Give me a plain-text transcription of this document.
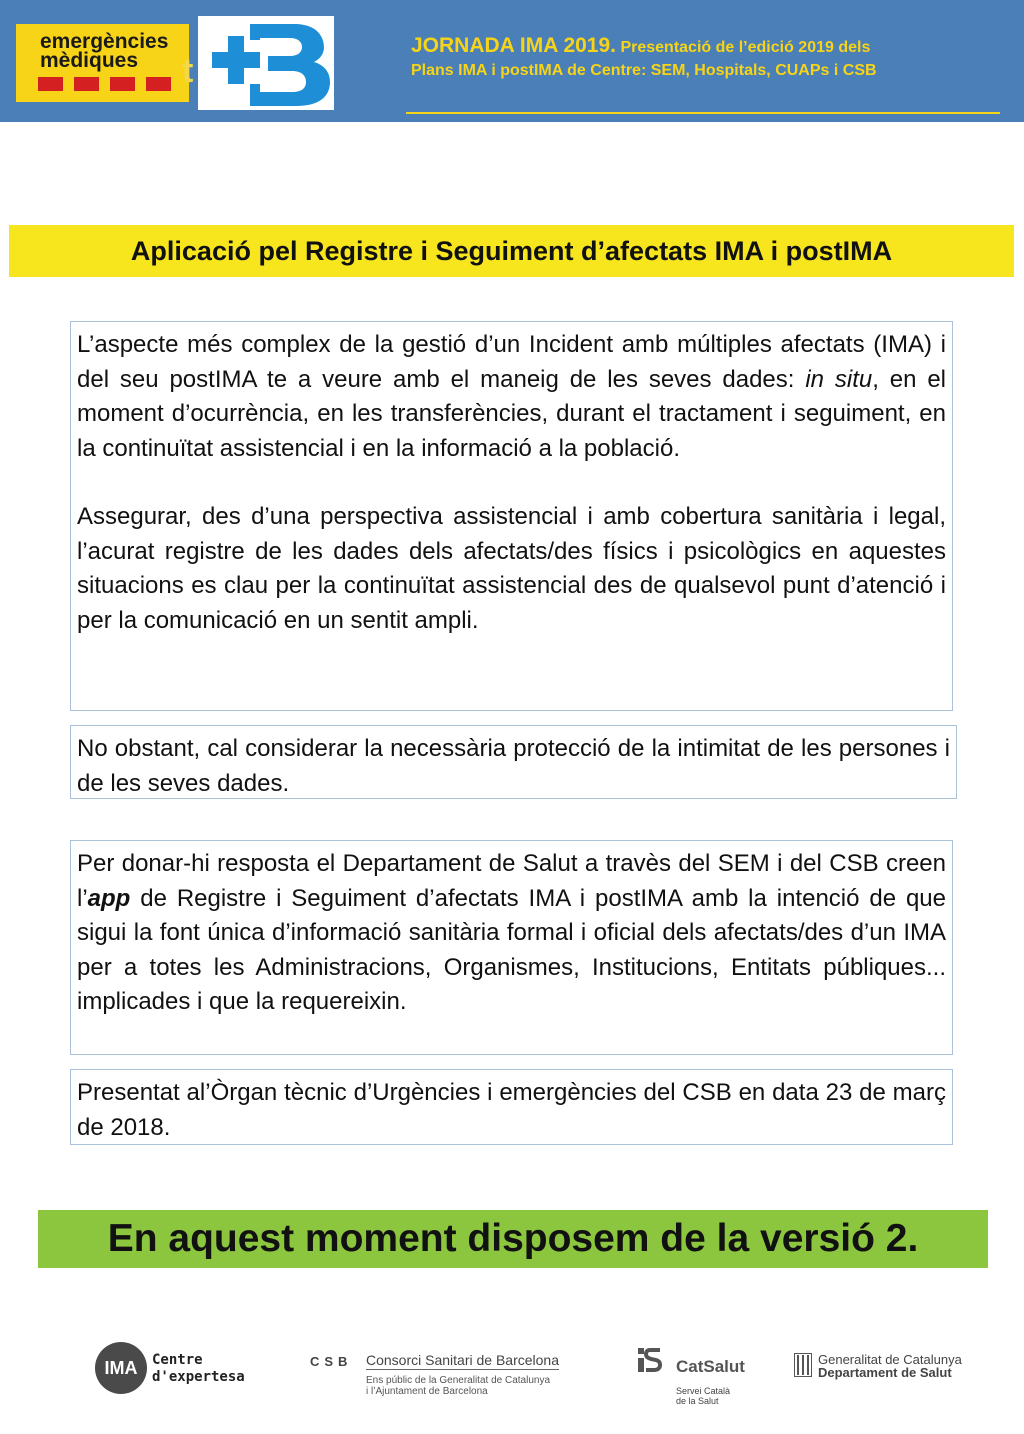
emergències
mèdiques	t
JORNADA IMA 2019. Presentació de l’edició 2019 dels
Plans IMA i postIMA de Centre: SEM, Hospitals, CUAPs i CSB
Aplicació pel Registre i Seguiment d’afectats IMA i postIMA

L’aspecte més complex de la gestió d’un Incident amb múltiples afectats (IMA) i del seu postIMA te a veure amb el maneig de les seves dades: in situ, en el moment d’ocurrència, en les transferències, durant el tractament i seguiment, en la continuïtat assistencial i en la informació a la població.

Assegurar, des d’una perspectiva assistencial i amb cobertura sanitària i legal, l’acurat registre de les dades dels afectats/des físics i psicològics en aquestes situacions es clau per la continuïtat assistencial des de qualsevol punt d’atenció i per la comunicació en un sentit ampli.

No obstant, cal considerar la necessària protecció de la intimitat de les persones i de les seves dades.

Per donar-hi resposta el Departament de Salut a travès del SEM i del CSB creen l’app de Registre i Seguiment d’afectats IMA i postIMA amb la intenció de que sigui la font única d’informació sanitària formal i oficial dels afectats/des d’un IMA per a totes les Administracions, Organismes, Institucions, Entitats públiques... implicades i que la requereixin.

Presentat al’Òrgan tècnic d’Urgències i emergències del CSB en data 23 de març de 2018.

En aquest moment disposem de la versió 2.
IMA	Centre
d'expertesa
CSB Consorci Sanitari de Barcelona
Ens públic de la Generalitat de Catalunya
i l’Ajuntament de Barcelona
CatSalut
Servei Català
de la Salut
Generalitat de Catalunya
Departament de Salut
